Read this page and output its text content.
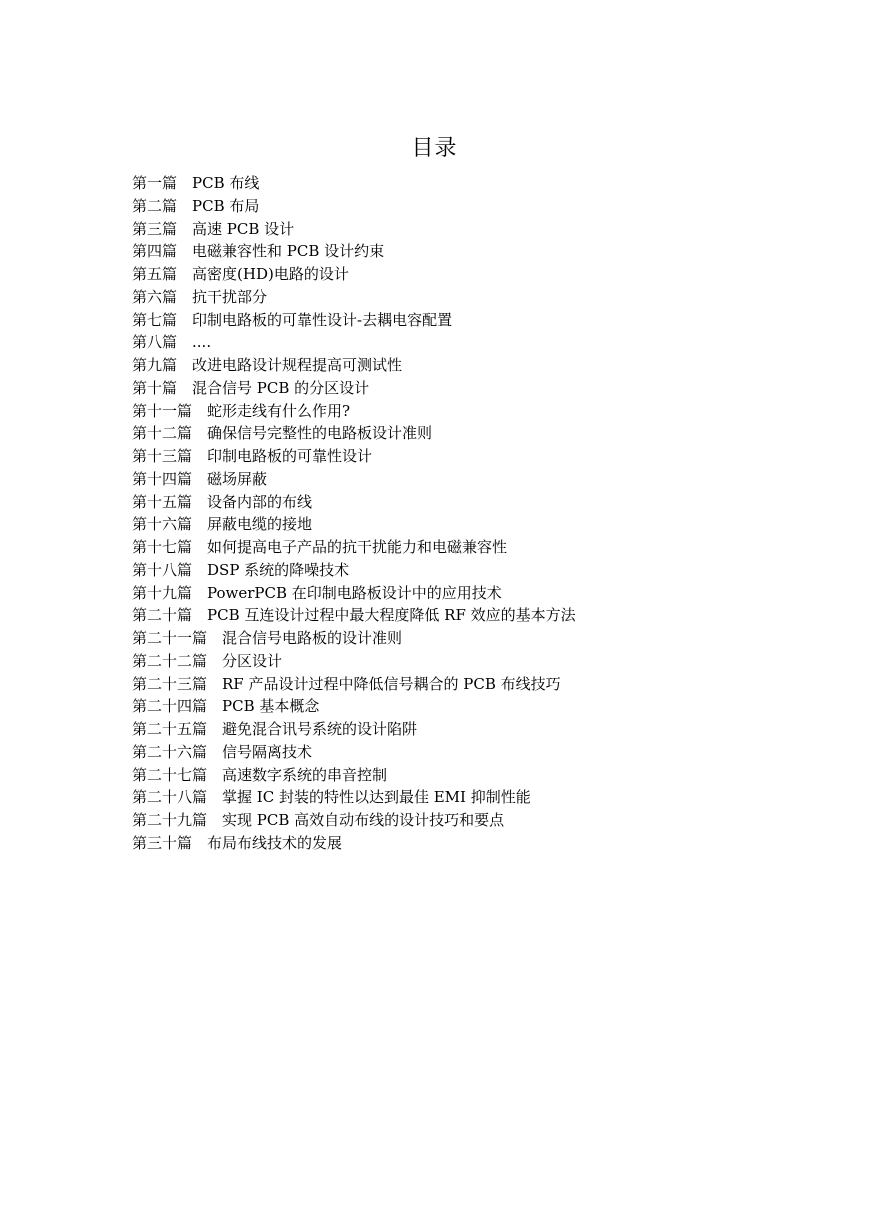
目录
第一篇 PCB 布线
第二篇 PCB 布局
第三篇 高速 PCB 设计
第四篇 电磁兼容性和 PCB 设计约束
第五篇 高密度(HD)电路的设计
第六篇 抗干扰部分
第七篇 印制电路板的可靠性设计-去耦电容配置
第八篇 ....
第九篇 改进电路设计规程提高可测试性
第十篇 混合信号 PCB 的分区设计
第十一篇 蛇形走线有什么作用?
第十二篇 确保信号完整性的电路板设计准则
第十三篇 印制电路板的可靠性设计
第十四篇 磁场屏蔽
第十五篇 设备内部的布线
第十六篇 屏蔽电缆的接地
第十七篇 如何提高电子产品的抗干扰能力和电磁兼容性
第十八篇 DSP 系统的降噪技术
第十九篇 PowerPCB 在印制电路板设计中的应用技术
第二十篇 PCB 互连设计过程中最大程度降低 RF 效应的基本方法
第二十一篇 混合信号电路板的设计准则
第二十二篇 分区设计
第二十三篇 RF 产品设计过程中降低信号耦合的 PCB 布线技巧
第二十四篇 PCB 基本概念
第二十五篇 避免混合讯号系统的设计陷阱
第二十六篇 信号隔离技术
第二十七篇 高速数字系统的串音控制
第二十八篇 掌握 IC 封装的特性以达到最佳 EMI 抑制性能
第二十九篇 实现 PCB 高效自动布线的设计技巧和要点
第三十篇 布局布线技术的发展
